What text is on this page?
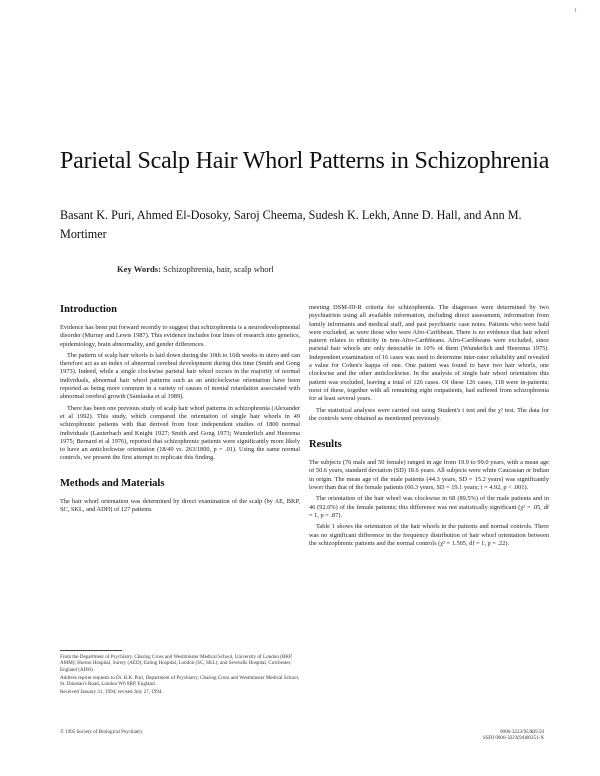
1
Parietal Scalp Hair Whorl Patterns in Schizophrenia

Basant K. Puri, Ahmed El-Dosoky, Saroj Cheema, Sudesh K. Lekh, Anne D. Hall, and Ann M. Mortimer

Key Words: Schizophrenia, hair, scalp whorl
Introduction

Evidence has been put forward recently to suggest that schizophrenia is a neurodevelopmental disorder (Murray and Lewis 1987). This evidence includes four lines of research into genetics, epidemiology, brain abnormality, and gender differences.

The pattern of scalp hair whorls is laid down during the 10th to 16th weeks in utero and can therefore act as an index of abnormal cerebral development during this time (Smith and Gong 1973). Indeed, while a single clockwise parietal hair whorl occurs in the majority of normal individuals, abnormal hair whorl patterns such as an anticlockwise orientation have been reported as being more common in a variety of causes of mental retardation associated with abnormal cerebral growth (Samlaska et al 1989).

There has been one previous study of scalp hair whorl patterns in schizophrenia (Alexander et al 1992). This study, which compared the orientation of single hair whorls in 49 schizophrenic patients with that derived from four independent studies of 1800 normal individuals (Lauterbach and Knight 1927; Smith and Gong 1973; Wunderlich and Heerema 1975; Bernard et al 1976), reported that schizophrenic patients were significantly more likely to have an anticlockwise orientation (18/49 vs. 263/1800, p = .01). Using the same normal controls, we present the first attempt to replicate this finding.

Methods and Materials

The hair whorl orientation was determined by direct examination of the scalp (by AE, BKP, SC, SKL, and ADH) of 127 patients

meeting DSM-III-R criteria for schizophrenia. The diagnoses were determined by two psychiatrists using all available information, including direct assessment, information from family informants and medical staff, and past psychiatric case notes. Patients who were bald were excluded, as were those who were Afro-Caribbean. There is no evidence that hair whorl pattern relates to ethnicity in non-Afro-Caribbeans. Afro-Caribbeans were excluded, since parietal hair whorls are only detectable in 10% of them (Wunderlich and Heerema 1975). Independent examination of 16 cases was used to determine inter-rater reliability and revealed a value for Cohen's kappa of one. One patient was found to have two hair whorls, one clockwise and the other anticlockwise. In the analysis of single hair whorl orientation this patient was excluded, leaving a total of 126 cases. Of these 126 cases, 118 were in-patients; most of these, together with all remaining eight outpatients, had suffered from schizophrenia for at least several years.

The statistical analyses were carried out using Student's t test and the χ² test. The data for the controls were obtained as mentioned previously.

Results

The subjects (76 male and 50 female) ranged in age from 19.9 to 99.0 years, with a mean age of 50.6 years, standard deviation (SD) 18.6 years. All subjects were white Caucasian or Indian in origin. The mean age of the male patients (44.3 years, SD = 15.2 years) was significantly lower than that of the female patients (60.3 years, SD = 19.1 years; t = 4.92, p < .001).

The orientation of the hair whorl was clockwise in 68 (89.5%) of the male patients and in 46 (92.0%) of the female patients; this difference was not statistically significant (χ² = .05, df = 1, p = .87).

Table 1 shows the orientation of the hair whorls in the patients and normal controls. There was no significant difference in the frequency distribution of hair whorl orientation between the schizophrenic patients and the normal controls (χ² = 1.505, df = 1, p = .22).

From the Department of Psychiatry, Charing Cross and Westminster Medical School, University of London (BKP, AMM); Horton Hospital, Surrey (AED); Ealing Hospital, London (SC, SKL); and Severalls Hospital, Colchester, England (ADH).

Address reprint requests to Dr. B.K. Puri, Department of Psychiatry, Charing Cross and Westminster Medical School, St. Dunstan's Road, London W6 8RP, England.

Received January 31, 1994; revised July 27, 1994.

© 1995 Society of Biological Psychiatry	0006-3223/95/$09.50
SSDI 0006-3223(94)00251-X
